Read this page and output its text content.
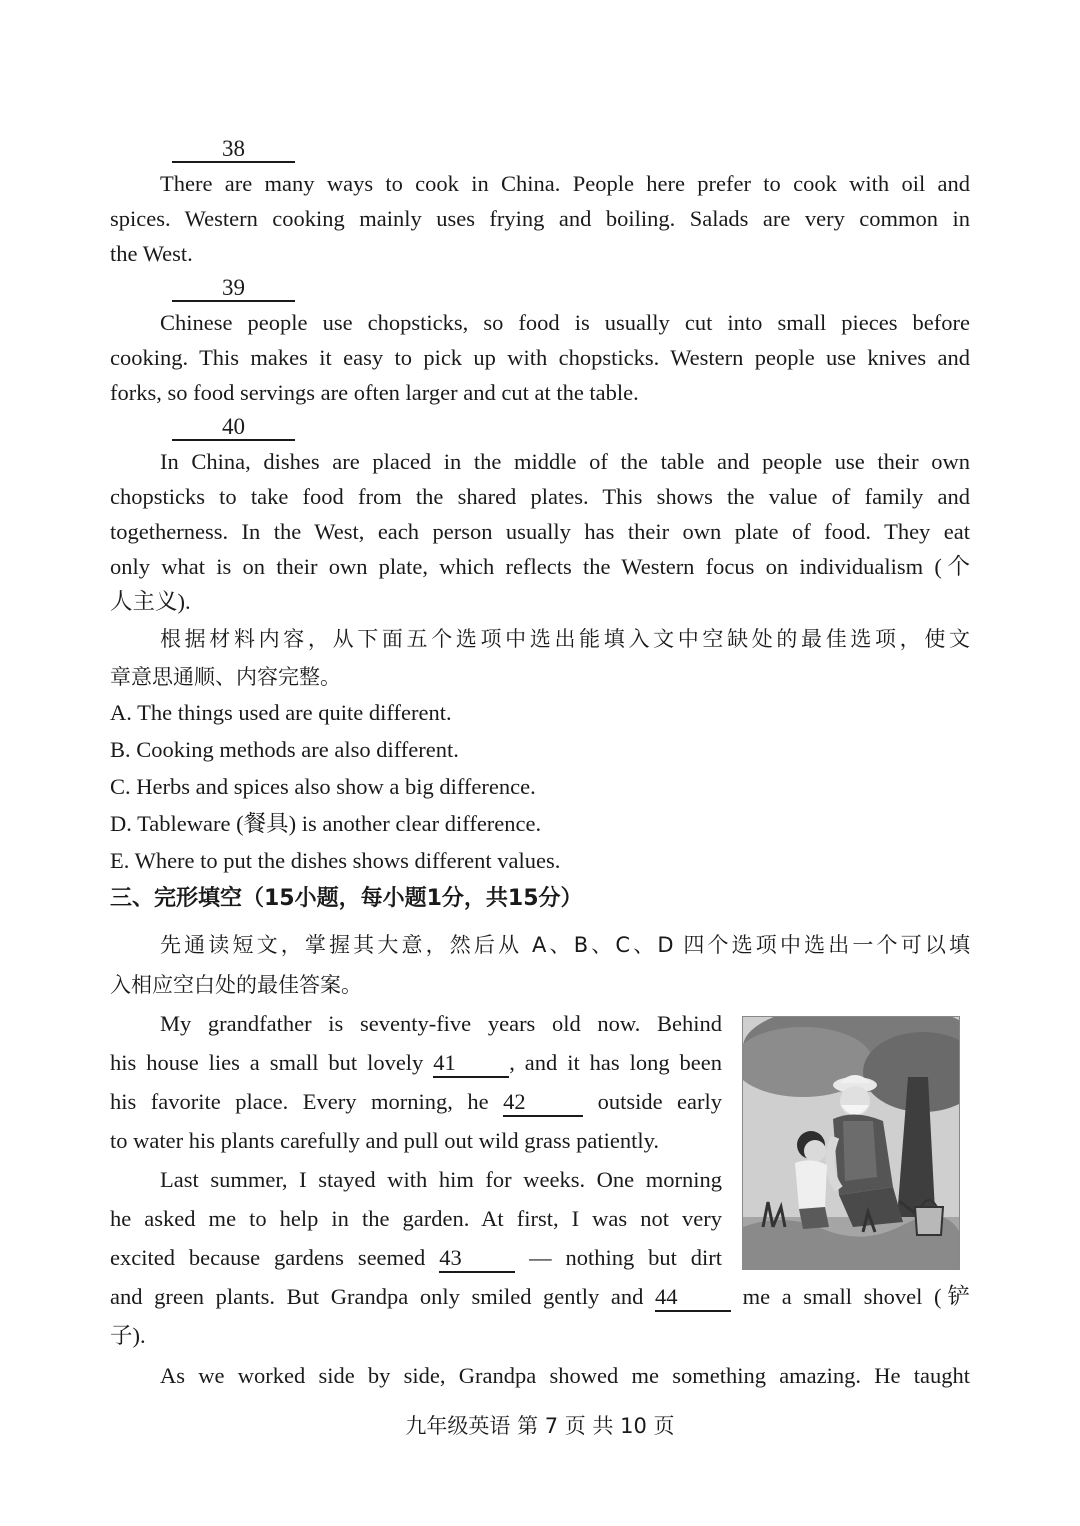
38
There are many ways to cook in China. People here prefer to cook with oil and
spices. Western cooking mainly uses frying and boiling. Salads are very common in
the West.
39
Chinese people use chopsticks, so food is usually cut into small pieces before
cooking. This makes it easy to pick up with chopsticks. Western people use knives and
forks, so food servings are often larger and cut at the table.
40
In China, dishes are placed in the middle of the table and people use their own
chopsticks to take food from the shared plates. This shows the value of family and
togetherness. In the West, each person usually has their own plate of food. They eat
only what is on their own plate, which reflects the Western focus on individualism (个
人主义).
根据材料内容，从下面五个选项中选出能填入文中空缺处的最佳选项，使文
章意思通顺、内容完整。
A. The things used are quite different.
B. Cooking methods are also different.
C. Herbs and spices also show a big difference.
D. Tableware (餐具) is another clear difference.
E. Where to put the dishes shows different values.
三、完形填空（15小题，每小题1分，共15分）
先通读短文，掌握其大意，然后从 A、B、C、D 四个选项中选出一个可以填
入相应空白处的最佳答案。
My grandfather is seventy-five years old now. Behind
his house lies a small but lovely 41 , and it has long been
his favorite place. Every morning, he 42	outside early
to water his plants carefully and pull out wild grass patiently.
Last summer, I stayed with him for weeks. One morning
he asked me to help in the garden. At first, I was not very
excited because gardens seemed 43	— nothing but dirt
and green plants. But Grandpa only smiled gently and 44	me a small shovel (铲
子).
As we worked side by side, Grandpa showed me something amazing. He taught
九年级英语 第 7 页 共 10 页
